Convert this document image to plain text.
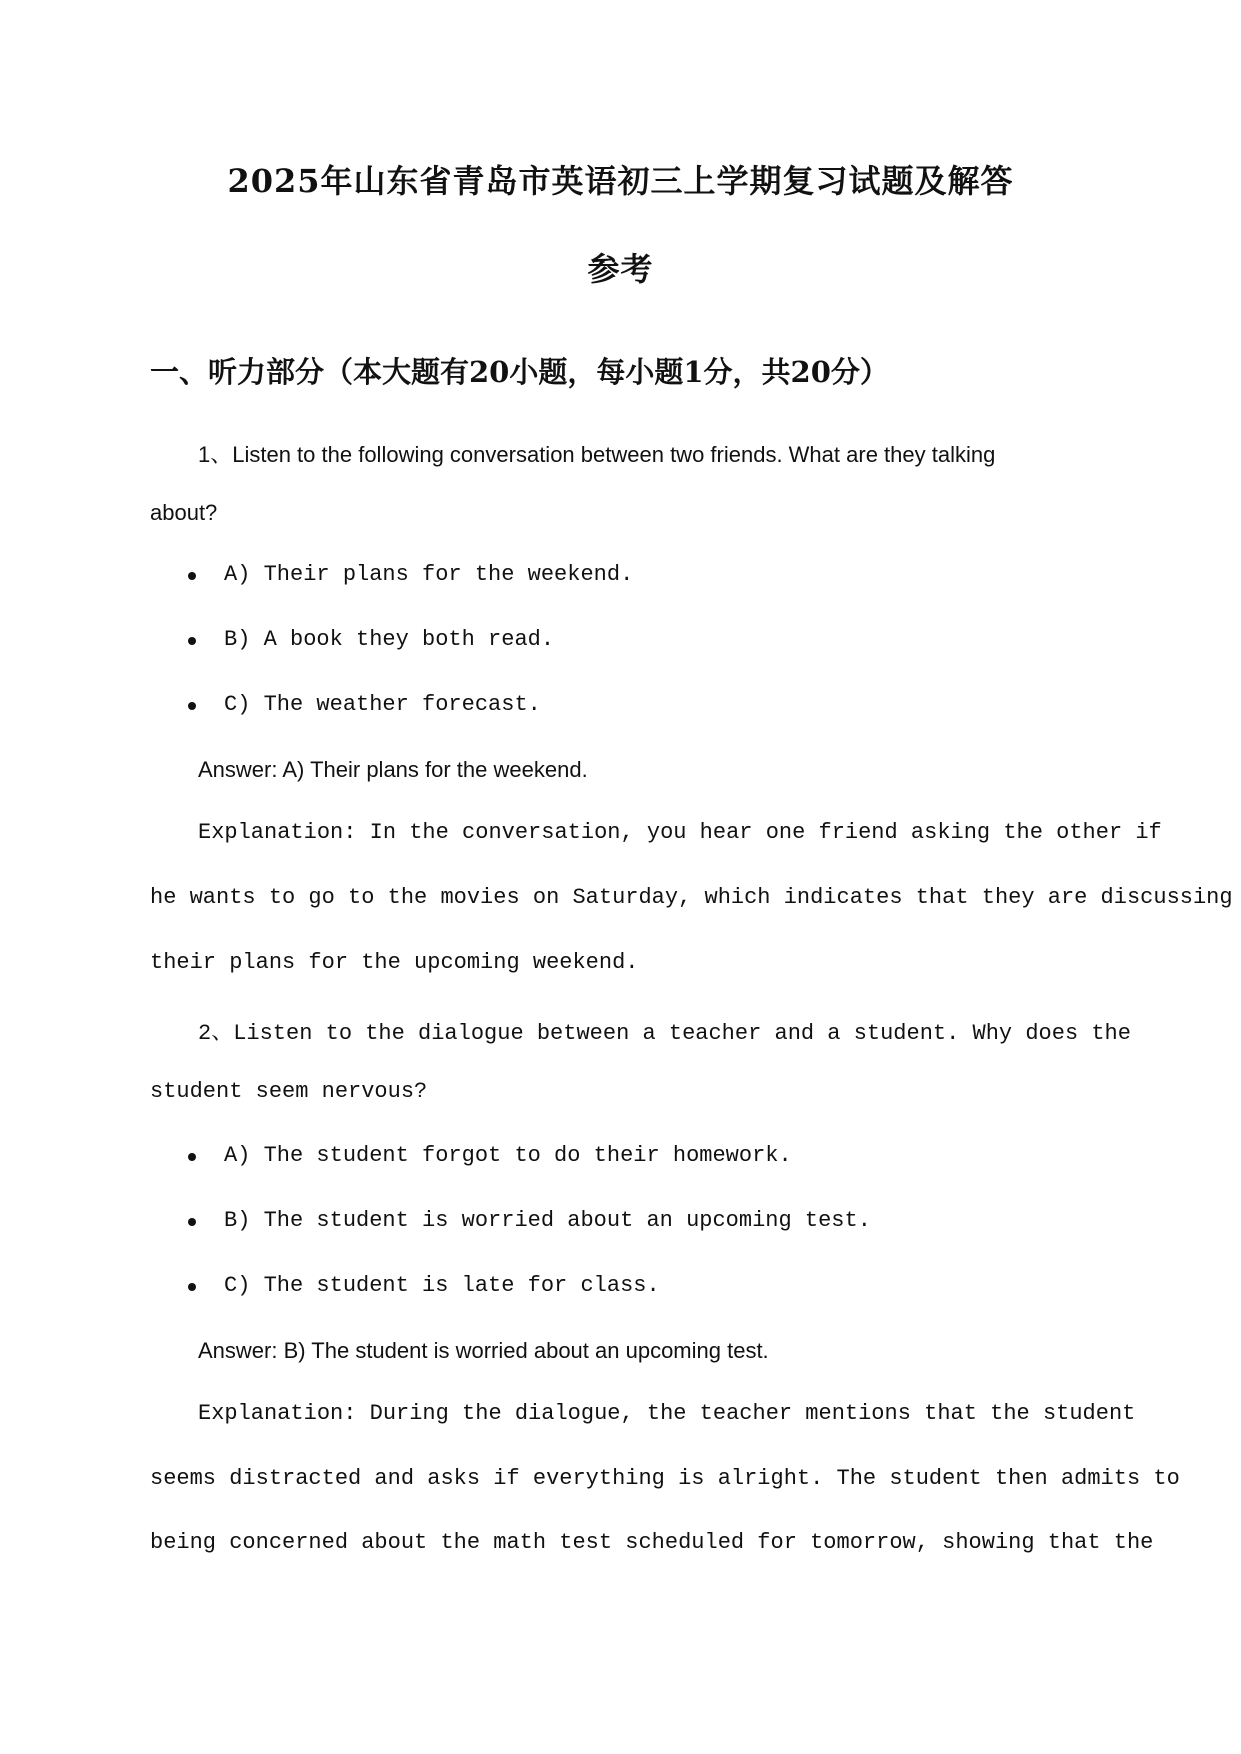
2025年山东省青岛市英语初三上学期复习试题及解答
参考
一、听力部分（本大题有20小题，每小题1分，共20分）
1、Listen to the following conversation between two friends. What are they talking
about?
A) Their plans for the weekend.
B) A book they both read.
C) The weather forecast.
Answer: A) Their plans for the weekend.
Explanation: In the conversation, you hear one friend asking the other if
he wants to go to the movies on Saturday, which indicates that they are discussing
their plans for the upcoming weekend.
2、Listen to the dialogue between a teacher and a student. Why does the
student seem nervous?
A) The student forgot to do their homework.
B) The student is worried about an upcoming test.
C) The student is late for class.
Answer: B) The student is worried about an upcoming test.
Explanation: During the dialogue, the teacher mentions that the student
seems distracted and asks if everything is alright. The student then admits to
being concerned about the math test scheduled for tomorrow, showing that the
